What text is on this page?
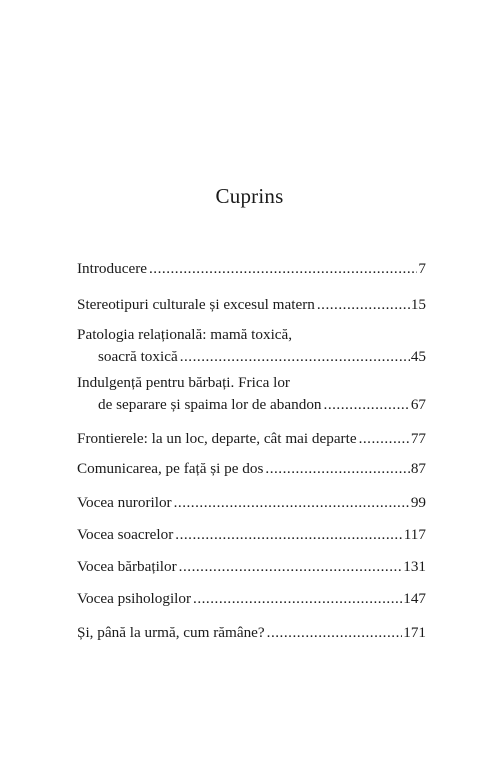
Cuprins
Introducere .....	7
Stereotipuri culturale și excesul matern .....	15
Patologia relațională: mamă toxică,
soacră toxică .....	45
Indulgență pentru bărbați. Frica lor
de separare și spaima lor de abandon .....	67
Frontierele: la un loc, departe, cât mai departe .....	77
Comunicarea, pe față și pe dos .....	87
Vocea nurorilor .....	99
Vocea soacrelor .....	117
Vocea bărbaților .....	131
Vocea psihologilor .....	147
Și, până la urmă, cum rămâne? .....	171
